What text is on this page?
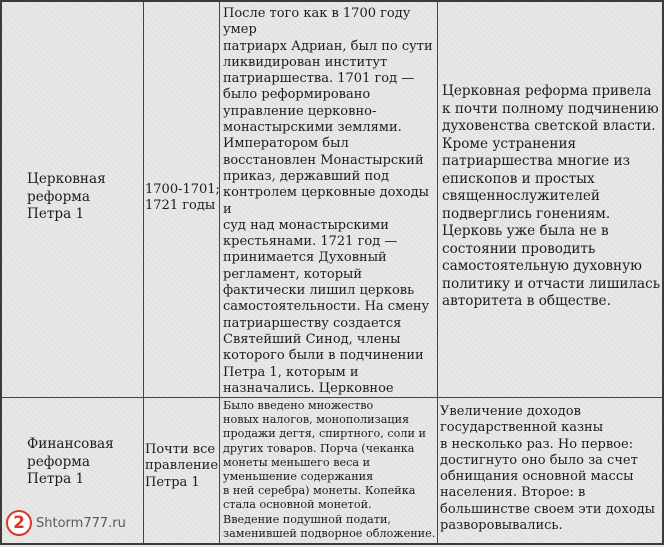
Церковная
реформа
Петра 1
1700-1701;
1721 годы
После того как в 1700 году умер
патриарх Адриан, был по сути
ликвидирован институт
патриаршества. 1701 год —
было реформировано
управление церковно-
монастырскими землями.
Императором был
восстановлен Монастырский
приказ, державший под
контролем церковные доходы и
суд над монастырскими
крестьянами. 1721 год —
принимается Духовный
регламент, который
фактически лишил церковь
самостоятельности. На смену
патриаршеству создается
Святейший Синод, члены
которого были в подчинении
Петра 1, которым и
назначались. Церковное

Церковная реформа привела
к почти полному подчинению
духовенства светской власти.
Кроме устранения
патриаршества многие из
епископов и простых
священнослужителей
подверглись гонениям.
Церковь уже была не в
состоянии проводить
самостоятельную духовную
политику и отчасти лишилась
авторитета в обществе.
Финансовая
реформа
Петра 1
Почти все
правление
Петра 1
Было введено множество
новых налогов, монополизация
продажи дегтя, спиртного, соли и
других товаров. Порча (чеканка
монеты меньшего веса и
уменьшение содержания
в ней серебра) монеты. Копейка
стала основной монетой.
Введение подушной подати,
заменившей подворное обложение.
Увеличение доходов
государственной казны
в несколько раз. Но первое:
достигнуто оно было за счет
обнищания основной массы
населения. Второе: в
большинстве своем эти доходы
разворовывались.
2 Shtorm777.ru
